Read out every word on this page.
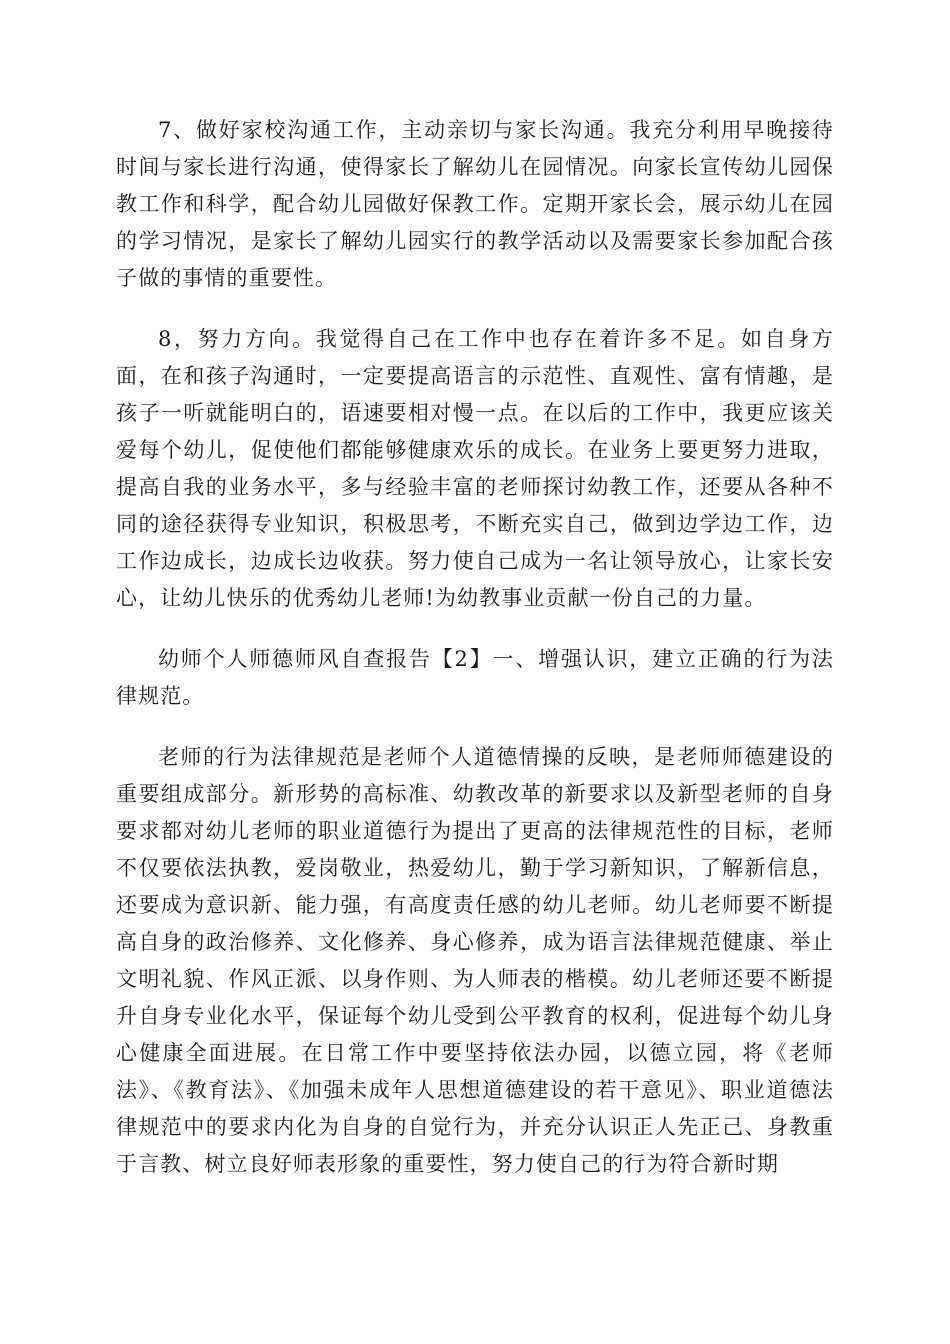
7、做好家校沟通工作，主动亲切与家长沟通。我充分利用早晚接待时间与家长进行沟通，使得家长了解幼儿在园情况。向家长宣传幼儿园保教工作和科学，配合幼儿园做好保教工作。定期开家长会，展示幼儿在园的学习情况，是家长了解幼儿园实行的教学活动以及需要家长参加配合孩子做的事情的重要性。

8，努力方向。我觉得自己在工作中也存在着许多不足。如自身方面，在和孩子沟通时，一定要提高语言的示范性、直观性、富有情趣，是孩子一听就能明白的，语速要相对慢一点。在以后的工作中，我更应该关爱每个幼儿，促使他们都能够健康欢乐的成长。在业务上要更努力进取，提高自我的业务水平，多与经验丰富的老师探讨幼教工作，还要从各种不同的途径获得专业知识，积极思考，不断充实自己，做到边学边工作，边工作边成长，边成长边收获。努力使自己成为一名让领导放心，让家长安心，让幼儿快乐的优秀幼儿老师!为幼教事业贡献一份自己的力量。

幼师个人师德师风自查报告【2】一、增强认识，建立正确的行为法律规范。

老师的行为法律规范是老师个人道德情操的反映，是老师师德建设的重要组成部分。新形势的高标准、幼教改革的新要求以及新型老师的自身要求都对幼儿老师的职业道德行为提出了更高的法律规范性的目标，老师不仅要依法执教，爱岗敬业，热爱幼儿，勤于学习新知识，了解新信息，还要成为意识新、能力强，有高度责任感的幼儿老师。幼儿老师要不断提高自身的政治修养、文化修养、身心修养，成为语言法律规范健康、举止文明礼貌、作风正派、以身作则、为人师表的楷模。幼儿老师还要不断提升自身专业化水平，保证每个幼儿受到公平教育的权利，促进每个幼儿身心健康全面进展。在日常工作中要坚持依法办园，以德立园，将《老师法》、《教育法》、《加强未成年人思想道德建设的若干意见》、职业道德法律规范中的要求内化为自身的自觉行为，并充分认识正人先正己、身教重于言教、树立良好师表形象的重要性，努力使自己的行为符合新时期
